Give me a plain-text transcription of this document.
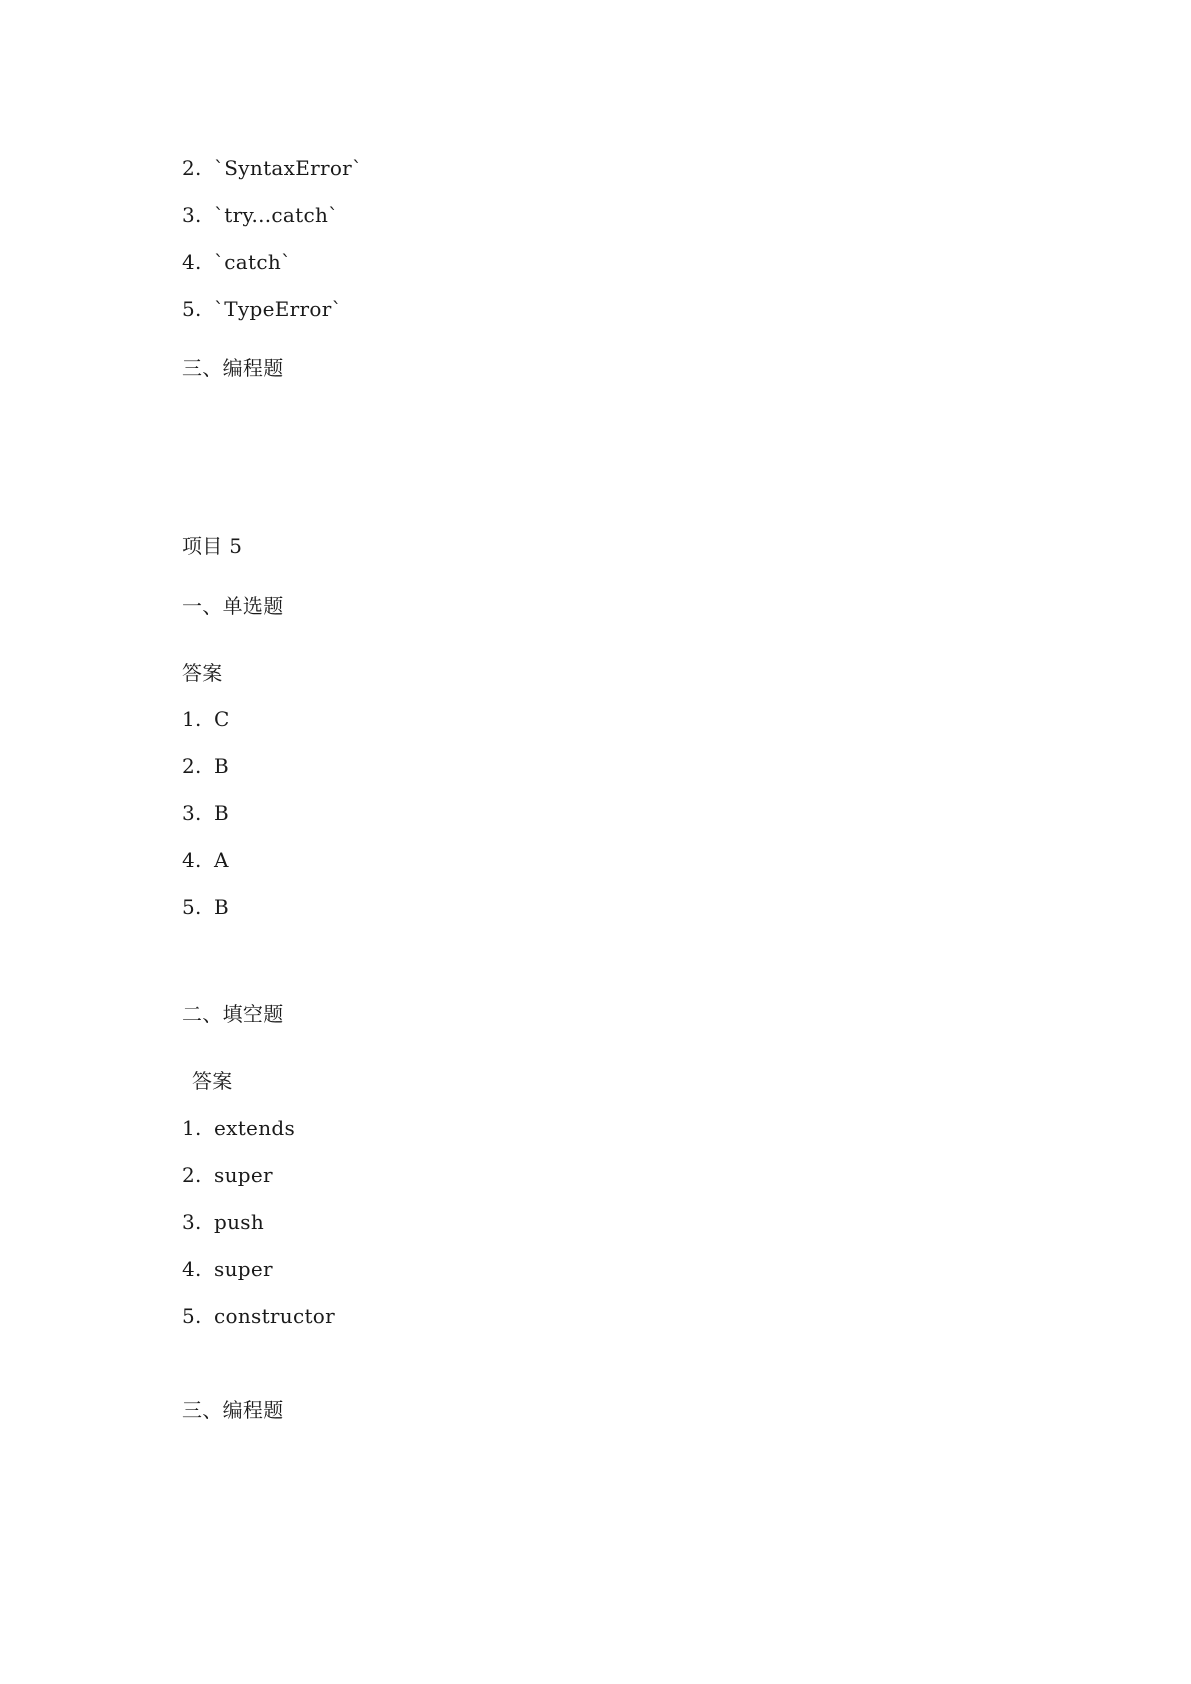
2. `SyntaxError`
3. `try...catch`
4. `catch`
5. `TypeError`
三、编程题
项目 5
一、单选题
答案
1. C
2. B
3. B
4. A
5. B
二、填空题
答案
1. extends
2. super
3. push
4. super
5. constructor
三、编程题
